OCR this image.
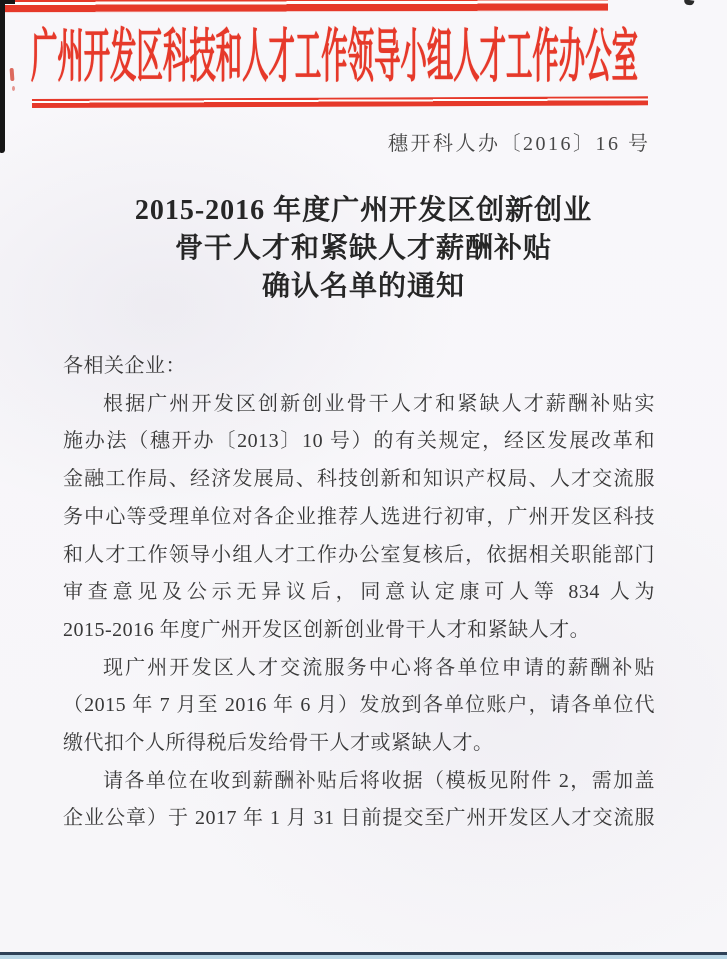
广州开发区科技和人才工作领导小组人才工作办公室
穗开科人办〔2016〕16 号
2015-2016 年度广州开发区创新创业
骨干人才和紧缺人才薪酬补贴
确认名单的通知
各相关企业：
根据广州开发区创新创业骨干人才和紧缺人才薪酬补贴实
施办法（穗开办〔2013〕10 号）的有关规定，经区发展改革和
金融工作局、经济发展局、科技创新和知识产权局、人才交流服
务中心等受理单位对各企业推荐人选进行初审，广州开发区科技
和人才工作领导小组人才工作办公室复核后，依据相关职能部门
审查意见及公示无异议后，同意认定康可人等 834 人为
2015-2016 年度广州开发区创新创业骨干人才和紧缺人才。
现广州开发区人才交流服务中心将各单位申请的薪酬补贴
（2015 年 7 月至 2016 年 6 月）发放到各单位账户，请各单位代
缴代扣个人所得税后发给骨干人才或紧缺人才。
请各单位在收到薪酬补贴后将收据（模板见附件 2，需加盖
企业公章）于 2017 年 1 月 31 日前提交至广州开发区人才交流服
